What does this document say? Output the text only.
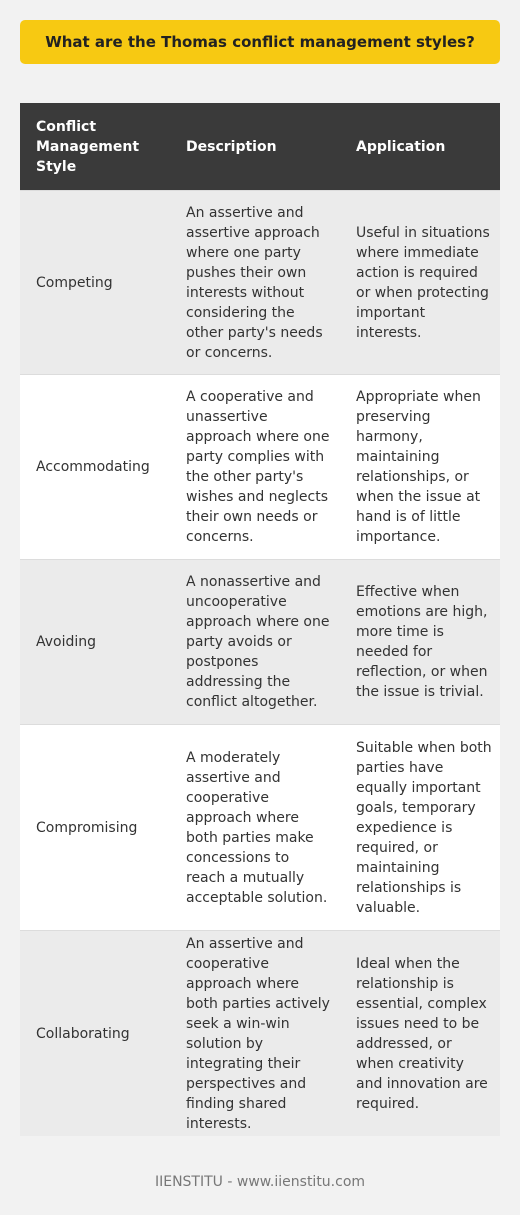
What are the Thomas conflict management styles?
Conflict Management Style	Description	Application
Competing	An assertive and assertive approach where one party pushes their own interests without considering the other party's needs or concerns.	Useful in situations where immediate action is required or when protecting important interests.
Accommodating	A cooperative and unassertive approach where one party complies with the other party's wishes and neglects their own needs or concerns.	Appropriate when preserving harmony, maintaining relationships, or when the issue at hand is of little importance.
Avoiding	A nonassertive and uncooperative approach where one party avoids or postpones addressing the conflict altogether.	Effective when emotions are high, more time is needed for reflection, or when the issue is trivial.
Compromising	A moderately assertive and cooperative approach where both parties make concessions to reach a mutually acceptable solution.	Suitable when both parties have equally important goals, temporary expedience is required, or maintaining relationships is valuable.
Collaborating	An assertive and cooperative approach where both parties actively seek a win-win solution by integrating their perspectives and finding shared interests.	Ideal when the relationship is essential, complex issues need to be addressed, or when creativity and innovation are required.
IIENSTITU - www.iienstitu.com
